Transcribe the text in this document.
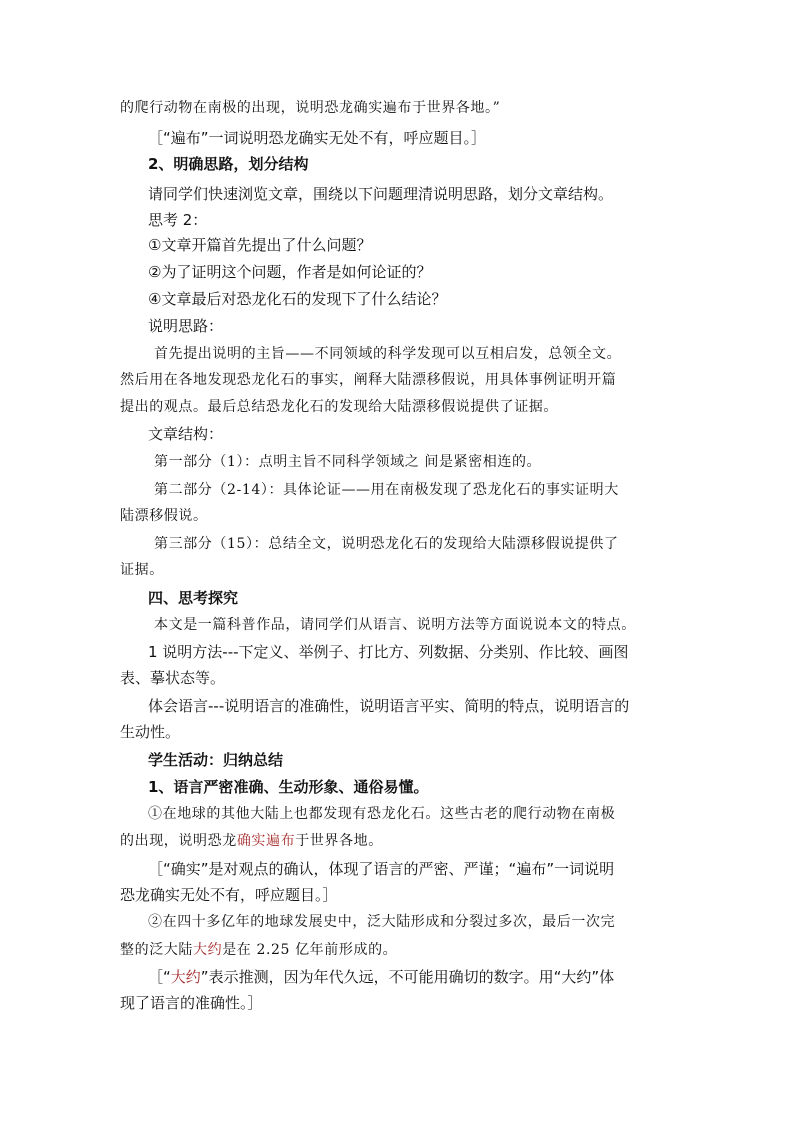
的爬行动物在南极的出现，说明恐龙确实遍布于世界各地。”
［“遍布”一词说明恐龙确实无处不有，呼应题目。］
2、明确思路，划分结构
请同学们快速浏览文章，围绕以下问题理清说明思路，划分文章结构。
思考 2：
①文章开篇首先提出了什么问题？
②为了证明这个问题，作者是如何论证的？
④文章最后对恐龙化石的发现下了什么结论？
说明思路：
首先提出说明的主旨——不同领域的科学发现可以互相启发，总领全文。
然后用在各地发现恐龙化石的事实，阐释大陆漂移假说，用具体事例证明开篇
提出的观点。最后总结恐龙化石的发现给大陆漂移假说提供了证据。
文章结构：
第一部分（1）：点明主旨不同科学领域之 间是紧密相连的。
第二部分（2-14）：具体论证——用在南极发现了恐龙化石的事实证明大
陆漂移假说。
第三部分（15）：总结全文，说明恐龙化石的发现给大陆漂移假说提供了
证据。
四、思考探究
本文是一篇科普作品，请同学们从语言、说明方法等方面说说本文的特点。
1 说明方法---下定义、举例子、打比方、列数据、分类别、作比较、画图
表、摹状态等。
体会语言---说明语言的准确性，说明语言平实、简明的特点，说明语言的
生动性。
学生活动：归纳总结
1、语言严密准确、生动形象、通俗易懂。
①在地球的其他大陆上也都发现有恐龙化石。这些古老的爬行动物在南极
的出现，说明恐龙确实遍布于世界各地。
［“确实”是对观点的确认，体现了语言的严密、严谨；“遍布”一词说明
恐龙确实无处不有，呼应题目。］
②在四十多亿年的地球发展史中，泛大陆形成和分裂过多次，最后一次完
整的泛大陆大约是在 2.25 亿年前形成的。
［“大约”表示推测，因为年代久远，不可能用确切的数字。用“大约”体
现了语言的准确性。］
